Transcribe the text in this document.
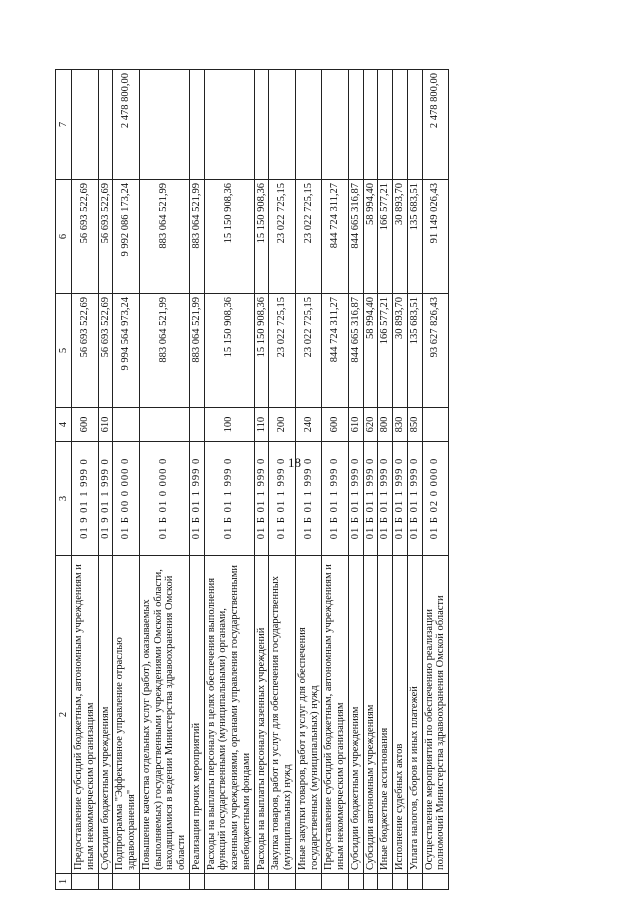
18
1	2	3	4	5	6	7
	Предоставление субсидий бюджетным, автономным учреждениям и иным некоммерческим организациям	01 9 01 1 999 0	600	56 693 522,69	56 693 522,69	
	Субсидии бюджетным учреждениям	01 9 01 1 999 0	610	56 693 522,69	56 693 522,69	
	Подпрограмма "Эффективное управление отраслью здравоохранения"	01 Б 00 0 000 0		9 994 564 973,24	9 992 086 173,24	2 478 800,00
	Повышение качества отдельных услуг (работ), оказываемых (выполняемых) государственными учреждениями Омской области, находящимися в ведении Министерства здравоохранения Омской области	01 Б 01 0 000 0		883 064 521,99	883 064 521,99	
	Реализация прочих мероприятий	01 Б 01 1 999 0		883 064 521,99	883 064 521,99	
	Расходы на выплаты персоналу в целях обеспечения выполнения функций государственными (муниципальными) органами, казенными учреждениями, органами управления государственными внебюджетными фондами	01 Б 01 1 999 0	100	15 150 908,36	15 150 908,36	
	Расходы на выплаты персоналу казенных учреждений	01 Б 01 1 999 0	110	15 150 908,36	15 150 908,36	
	Закупка товаров, работ и услуг для обеспечения государственных (муниципальных) нужд	01 Б 01 1 999 0	200	23 022 725,15	23 022 725,15	
	Иные закупки товаров, работ и услуг для обеспечения государственных (муниципальных) нужд	01 Б 01 1 999 0	240	23 022 725,15	23 022 725,15	
	Предоставление субсидий бюджетным, автономным учреждениям и иным некоммерческим организациям	01 Б 01 1 999 0	600	844 724 311,27	844 724 311,27	
	Субсидии бюджетным учреждениям	01 Б 01 1 999 0	610	844 665 316,87	844 665 316,87	
	Субсидии автономным учреждениям	01 Б 01 1 999 0	620	58 994,40	58 994,40	
	Иные бюджетные ассигнования	01 Б 01 1 999 0	800	166 577,21	166 577,21	
	Исполнение судебных актов	01 Б 01 1 999 0	830	30 893,70	30 893,70	
	Уплата налогов, сборов и иных платежей	01 Б 01 1 999 0	850	135 683,51	135 683,51	
	Осуществление мероприятий по обеспечению реализации полномочий Министерства здравоохранения Омской области	01 Б 02 0 000 0		93 627 826,43	91 149 026,43	2 478 800,00
